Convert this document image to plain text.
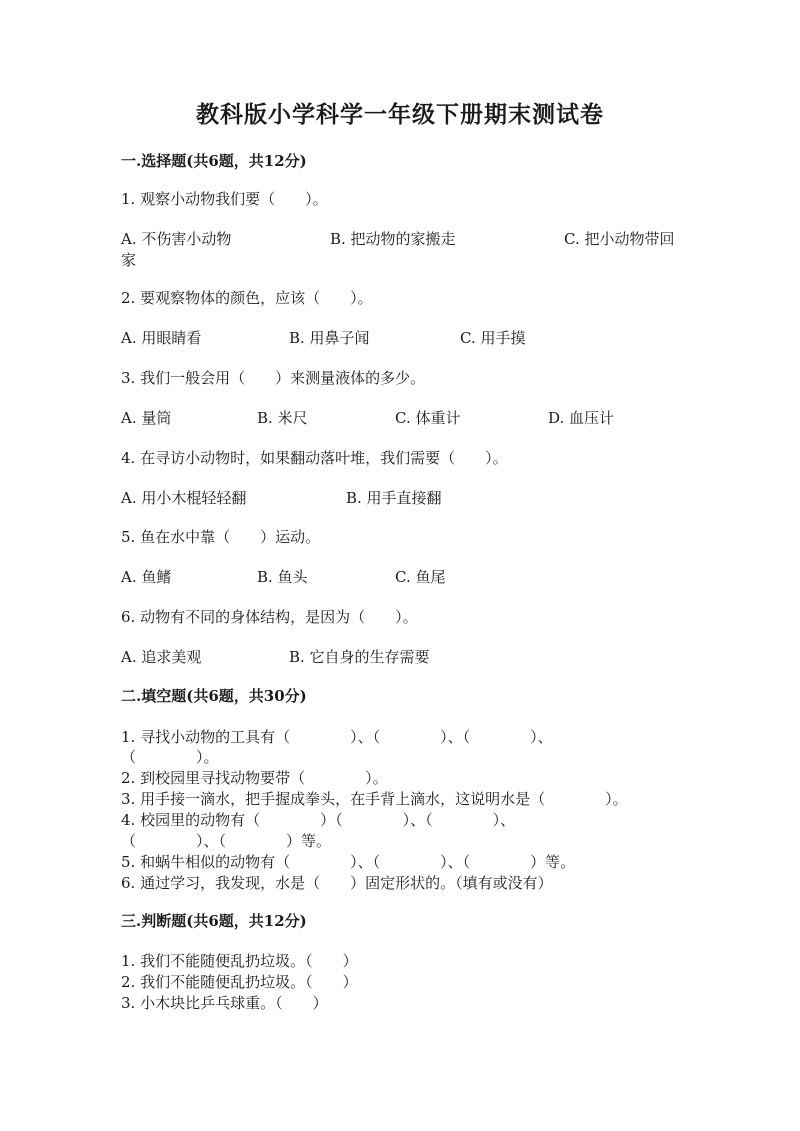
教科版小学科学一年级下册期末测试卷
一.选择题(共6题，共12分)
1. 观察小动物我们要（　　）。
A. 不伤害小动物	B. 把动物的家搬走	C. 把小动物带回
家
2. 要观察物体的颜色，应该（　　）。
A. 用眼睛看	B. 用鼻子闻	C. 用手摸
3. 我们一般会用（　　）来测量液体的多少。
A. 量筒	B. 米尺	C. 体重计	D. 血压计
4. 在寻访小动物时，如果翻动落叶堆，我们需要（　　）。
A. 用小木棍轻轻翻	B. 用手直接翻
5. 鱼在水中靠（　　）运动。
A. 鱼鳍	B. 鱼头	C. 鱼尾
6. 动物有不同的身体结构，是因为（　　）。
A. 追求美观	B. 它自身的生存需要
二.填空题(共6题，共30分)
1. 寻找小动物的工具有（　　　　）、（　　　　）、（　　　　）、
（　　　　）。
2. 到校园里寻找动物要带（　　　　）。
3. 用手接一滴水，把手握成拳头，在手背上滴水，这说明水是（　　　　）。
4. 校园里的动物有（　　　　）（　　　　）、（　　　　）、
（　　　　）、（　　　　）等。
5. 和蜗牛相似的动物有（　　　　）、（　　　　）、（　　　　）等。
6. 通过学习，我发现，水是（　　）固定形状的。（填有或没有）
三.判断题(共6题，共12分)
1. 我们不能随便乱扔垃圾。（　　）
2. 我们不能随便乱扔垃圾。（　　）
3. 小木块比乒乓球重。（　　）
